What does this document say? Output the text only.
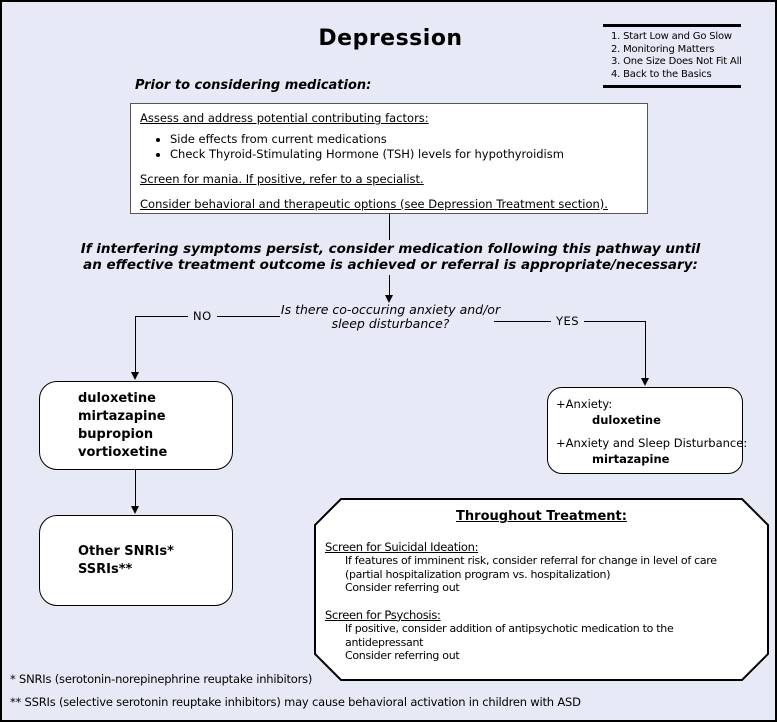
Depression	1. Start Low and Go Slow
2. Monitoring Matters
3. One Size Does Not Fit All
4. Back to the Basics
Prior to considering medication:
Assess and address potential contributing factors:
• Side effects from current medications
• Check Thyroid-Stimulating Hormone (TSH) levels for hypothyroidism
Screen for mania. If positive, refer to a specialist.
Consider behavioral and therapeutic options (see Depression Treatment section).
If interfering symptoms persist, consider medication following this pathway until
an effective treatment outcome is achieved or referral is appropriate/necessary:
Is there co-occuring anxiety and/or
sleep disturbance?
NO	YES
duloxetine
mirtazapine
bupropion
vortioxetine
+Anxiety:
duloxetine
+Anxiety and Sleep Disturbance:
mirtazapine
Other SNRIs*
SSRIs**
Throughout Treatment:
Screen for Suicidal Ideation:
If features of imminent risk, consider referral for change in level of care
(partial hospitalization program vs. hospitalization)
Consider referring out
Screen for Psychosis:
If positive, consider addition of antipsychotic medication to the
antidepressant
Consider referring out
* SNRIs (serotonin-norepinephrine reuptake inhibitors)
** SSRIs (selective serotonin reuptake inhibitors) may cause behavioral activation in children with ASD
